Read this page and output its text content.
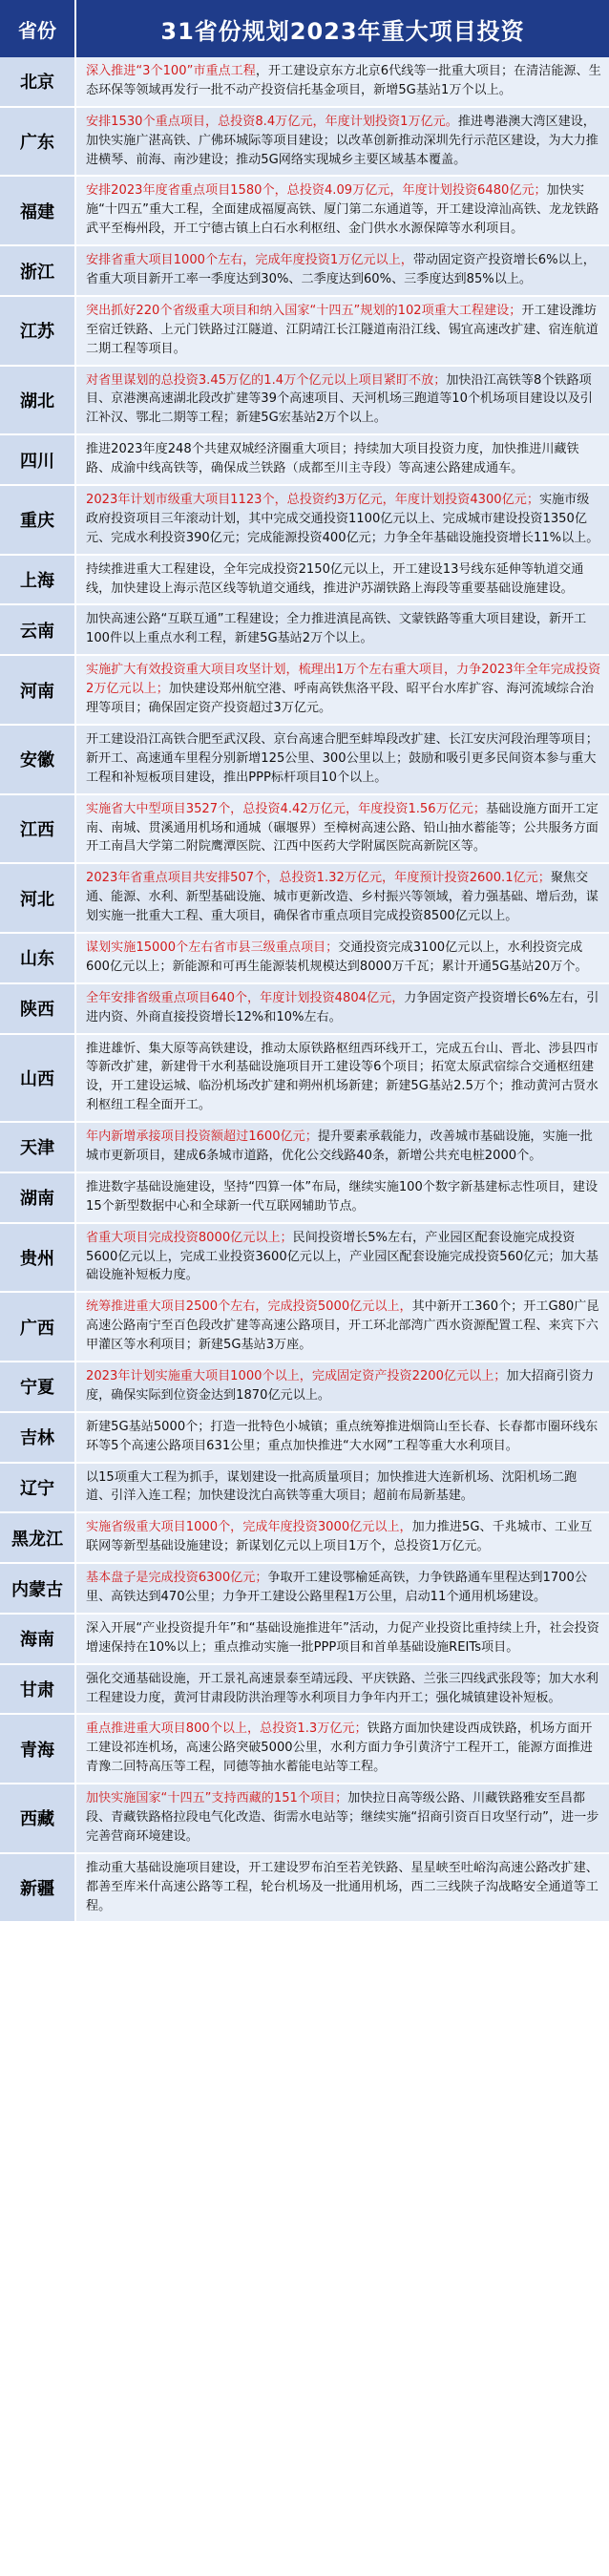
省份	31省份规划2023年重大项目投资
北京
深入推进“3个100”市重点工程，开工建设京东方北京6代线等一批重大项目；在清洁能源、生态环保等领域再发行一批不动产投资信托基金项目，新增5G基站1万个以上。
广东
安排1530个重点项目，总投资8.4万亿元，年度计划投资1万亿元。推进粤港澳大湾区建设，加快实施广湛高铁、广佛环城际等项目建设；以改革创新推动深圳先行示范区建设，为大力推进横琴、前海、南沙建设；推动5G网络实现城乡主要区域基本覆盖。
福建
安排2023年度省重点项目1580个，总投资4.09万亿元，年度计划投资6480亿元；加快实施“十四五”重大工程，全面建成福厦高铁、厦门第二东通道等，开工建设漳汕高铁、龙龙铁路武平至梅州段，开工宁德古镇上白石水利枢纽、金门供水水源保障等水利项目。
浙江
安排省重大项目1000个左右，完成年度投资1万亿元以上，带动固定资产投资增长6%以上，省重大项目新开工率一季度达到30%、二季度达到60%、三季度达到85%以上。
江苏
突出抓好220个省级重大项目和纳入国家“十四五”规划的102项重大工程建设；开工建设潍坊至宿迁铁路、上元门铁路过江隧道、江阴靖江长江隧道南沿江线、锡宜高速改扩建、宿连航道二期工程等项目。
湖北
对省里谋划的总投资3.45万亿的1.4万个亿元以上项目紧盯不放；加快沿江高铁等8个铁路项目、京港澳高速湖北段改扩建等39个高速项目、天河机场三跑道等10个机场项目建设以及引江补汉、鄂北二期等工程；新建5G宏基站2万个以上。
四川
推进2023年度248个共建双城经济圈重大项目；持续加大项目投资力度，加快推进川藏铁路、成渝中线高铁等，确保成兰铁路（成都至川主寺段）等高速公路建成通车。
重庆
2023年计划市级重大项目1123个，总投资约3万亿元，年度计划投资4300亿元；实施市级政府投资项目三年滚动计划，其中完成交通投资1100亿元以上、完成城市建设投资1350亿元、完成水利投资390亿元；完成能源投资400亿元；力争全年基础设施投资增长11%以上。
上海
持续推进重大工程建设，全年完成投资2150亿元以上，开工建设13号线东延伸等轨道交通线，加快建设上海示范区线等轨道交通线，推进沪苏湖铁路上海段等重要基础设施建设。
云南
加快高速公路“互联互通”工程建设；全力推进滇昆高铁、文蒙铁路等重大项目建设，新开工100件以上重点水利工程，新建5G基站2万个以上。
河南
实施扩大有效投资重大项目攻坚计划，梳理出1万个左右重大项目，力争2023年全年完成投资2万亿元以上；加快建设郑州航空港、呼南高铁焦洛平段、昭平台水库扩容、海河流域综合治理等项目；确保固定资产投资超过3万亿元。
安徽
开工建设沿江高铁合肥至武汉段、京台高速合肥至蚌埠段改扩建、长江安庆河段治理等项目；新开工、高速通车里程分别新增125公里、300公里以上；鼓励和吸引更多民间资本参与重大工程和补短板项目建设，推出PPP标杆项目10个以上。
江西
实施省大中型项目3527个，总投资4.42万亿元，年度投资1.56万亿元；基础设施方面开工定南、南城、贯溪通用机场和通城（碾堰界）至樟树高速公路、铅山抽水蓄能等；公共服务方面开工南昌大学第二附院鹰潭医院、江西中医药大学附属医院高新院区等。
河北
2023年省重点项目共安排507个，总投资1.32万亿元，年度预计投资2600.1亿元；聚焦交通、能源、水利、新型基础设施、城市更新改造、乡村振兴等领域，着力强基础、增后劲，谋划实施一批重大工程、重大项目，确保省市重点项目完成投资8500亿元以上。
山东
谋划实施15000个左右省市县三级重点项目；交通投资完成3100亿元以上，水利投资完成600亿元以上；新能源和可再生能源装机规模达到8000万千瓦；累计开通5G基站20万个。
陕西
全年安排省级重点项目640个，年度计划投资4804亿元，力争固定资产投资增长6%左右，引进内资、外商直接投资增长12%和10%左右。
山西
推进雄忻、集大原等高铁建设，推动太原铁路枢纽西环线开工，完成五台山、晋北、涉县四市等新改扩建，新建骨干水利基础设施项目开工建设等6个项目；拓宽太原武宿综合交通枢纽建设，开工建设运城、临汾机场改扩建和朔州机场新建；新建5G基站2.5万个；推动黄河古贤水利枢纽工程全面开工。
天津
年内新增承接项目投资额超过1600亿元；提升要素承载能力，改善城市基础设施，实施一批城市更新项目，建成6条城市道路，优化公交线路40条，新增公共充电桩2000个。
湖南
推进数字基础设施建设，坚持“四算一体”布局，继续实施100个数字新基建标志性项目，建设15个新型数据中心和全球新一代互联网辅助节点。
贵州
省重大项目完成投资8000亿元以上；民间投资增长5%左右，产业园区配套设施完成投资5600亿元以上，完成工业投资3600亿元以上，产业园区配套设施完成投资560亿元；加大基础设施补短板力度。
广西
统筹推进重大项目2500个左右，完成投资5000亿元以上，其中新开工360个；开工G80广昆高速公路南宁至百色段改扩建等高速公路项目，开工环北部湾广西水资源配置工程、来宾下六甲灌区等水利项目；新建5G基站3万座。
宁夏
2023年计划实施重大项目1000个以上，完成固定资产投资2200亿元以上；加大招商引资力度，确保实际到位资金达到1870亿元以上。
吉林
新建5G基站5000个；打造一批特色小城镇；重点统筹推进烟筒山至长春、长春都市圈环线东环等5个高速公路项目631公里；重点加快推进“大水网”工程等重大水利项目。
辽宁
以15项重大工程为抓手，谋划建设一批高质量项目；加快推进大连新机场、沈阳机场二跑道、引洋入连工程；加快建设沈白高铁等重大项目；超前布局新基建。
黑龙江
实施省级重大项目1000个，完成年度投资3000亿元以上，加力推进5G、千兆城市、工业互联网等新型基础设施建设；新谋划亿元以上项目1万个，总投资1万亿元。
内蒙古
基本盘子是完成投资6300亿元；争取开工建设鄂榆延高铁，力争铁路通车里程达到1700公里、高铁达到470公里；力争开工建设公路里程1万公里，启动11个通用机场建设。
海南
深入开展“产业投资提升年”和“基础设施推进年”活动，力促产业投资比重持续上升，社会投资增速保持在10%以上；重点推动实施一批PPP项目和首单基础设施REITs项目。
甘肃
强化交通基础设施，开工景礼高速景泰至靖远段、平庆铁路、兰张三四线武张段等；加大水利工程建设力度，黄河甘肃段防洪治理等水利项目力争年内开工；强化城镇建设补短板。
青海
重点推进重大项目800个以上，总投资1.3万亿元；铁路方面加快建设西成铁路，机场方面开工建设祁连机场，高速公路突破5000公里，水利方面力争引黄济宁工程开工，能源方面推进青豫二回特高压等工程，同德等抽水蓄能电站等工程。
西藏
加快实施国家“十四五”支持西藏的151个项目；加快拉日高等级公路、川藏铁路雅安至昌都段、青藏铁路格拉段电气化改造、街需水电站等；继续实施“招商引资百日攻坚行动”，进一步完善营商环境建设。
新疆
推动重大基础设施项目建设，开工建设罗布泊至若羌铁路、星星峡至吐峪沟高速公路改扩建、都善至库米什高速公路等工程，轮台机场及一批通用机场，西二三线陕子沟战略安全通道等工程。
